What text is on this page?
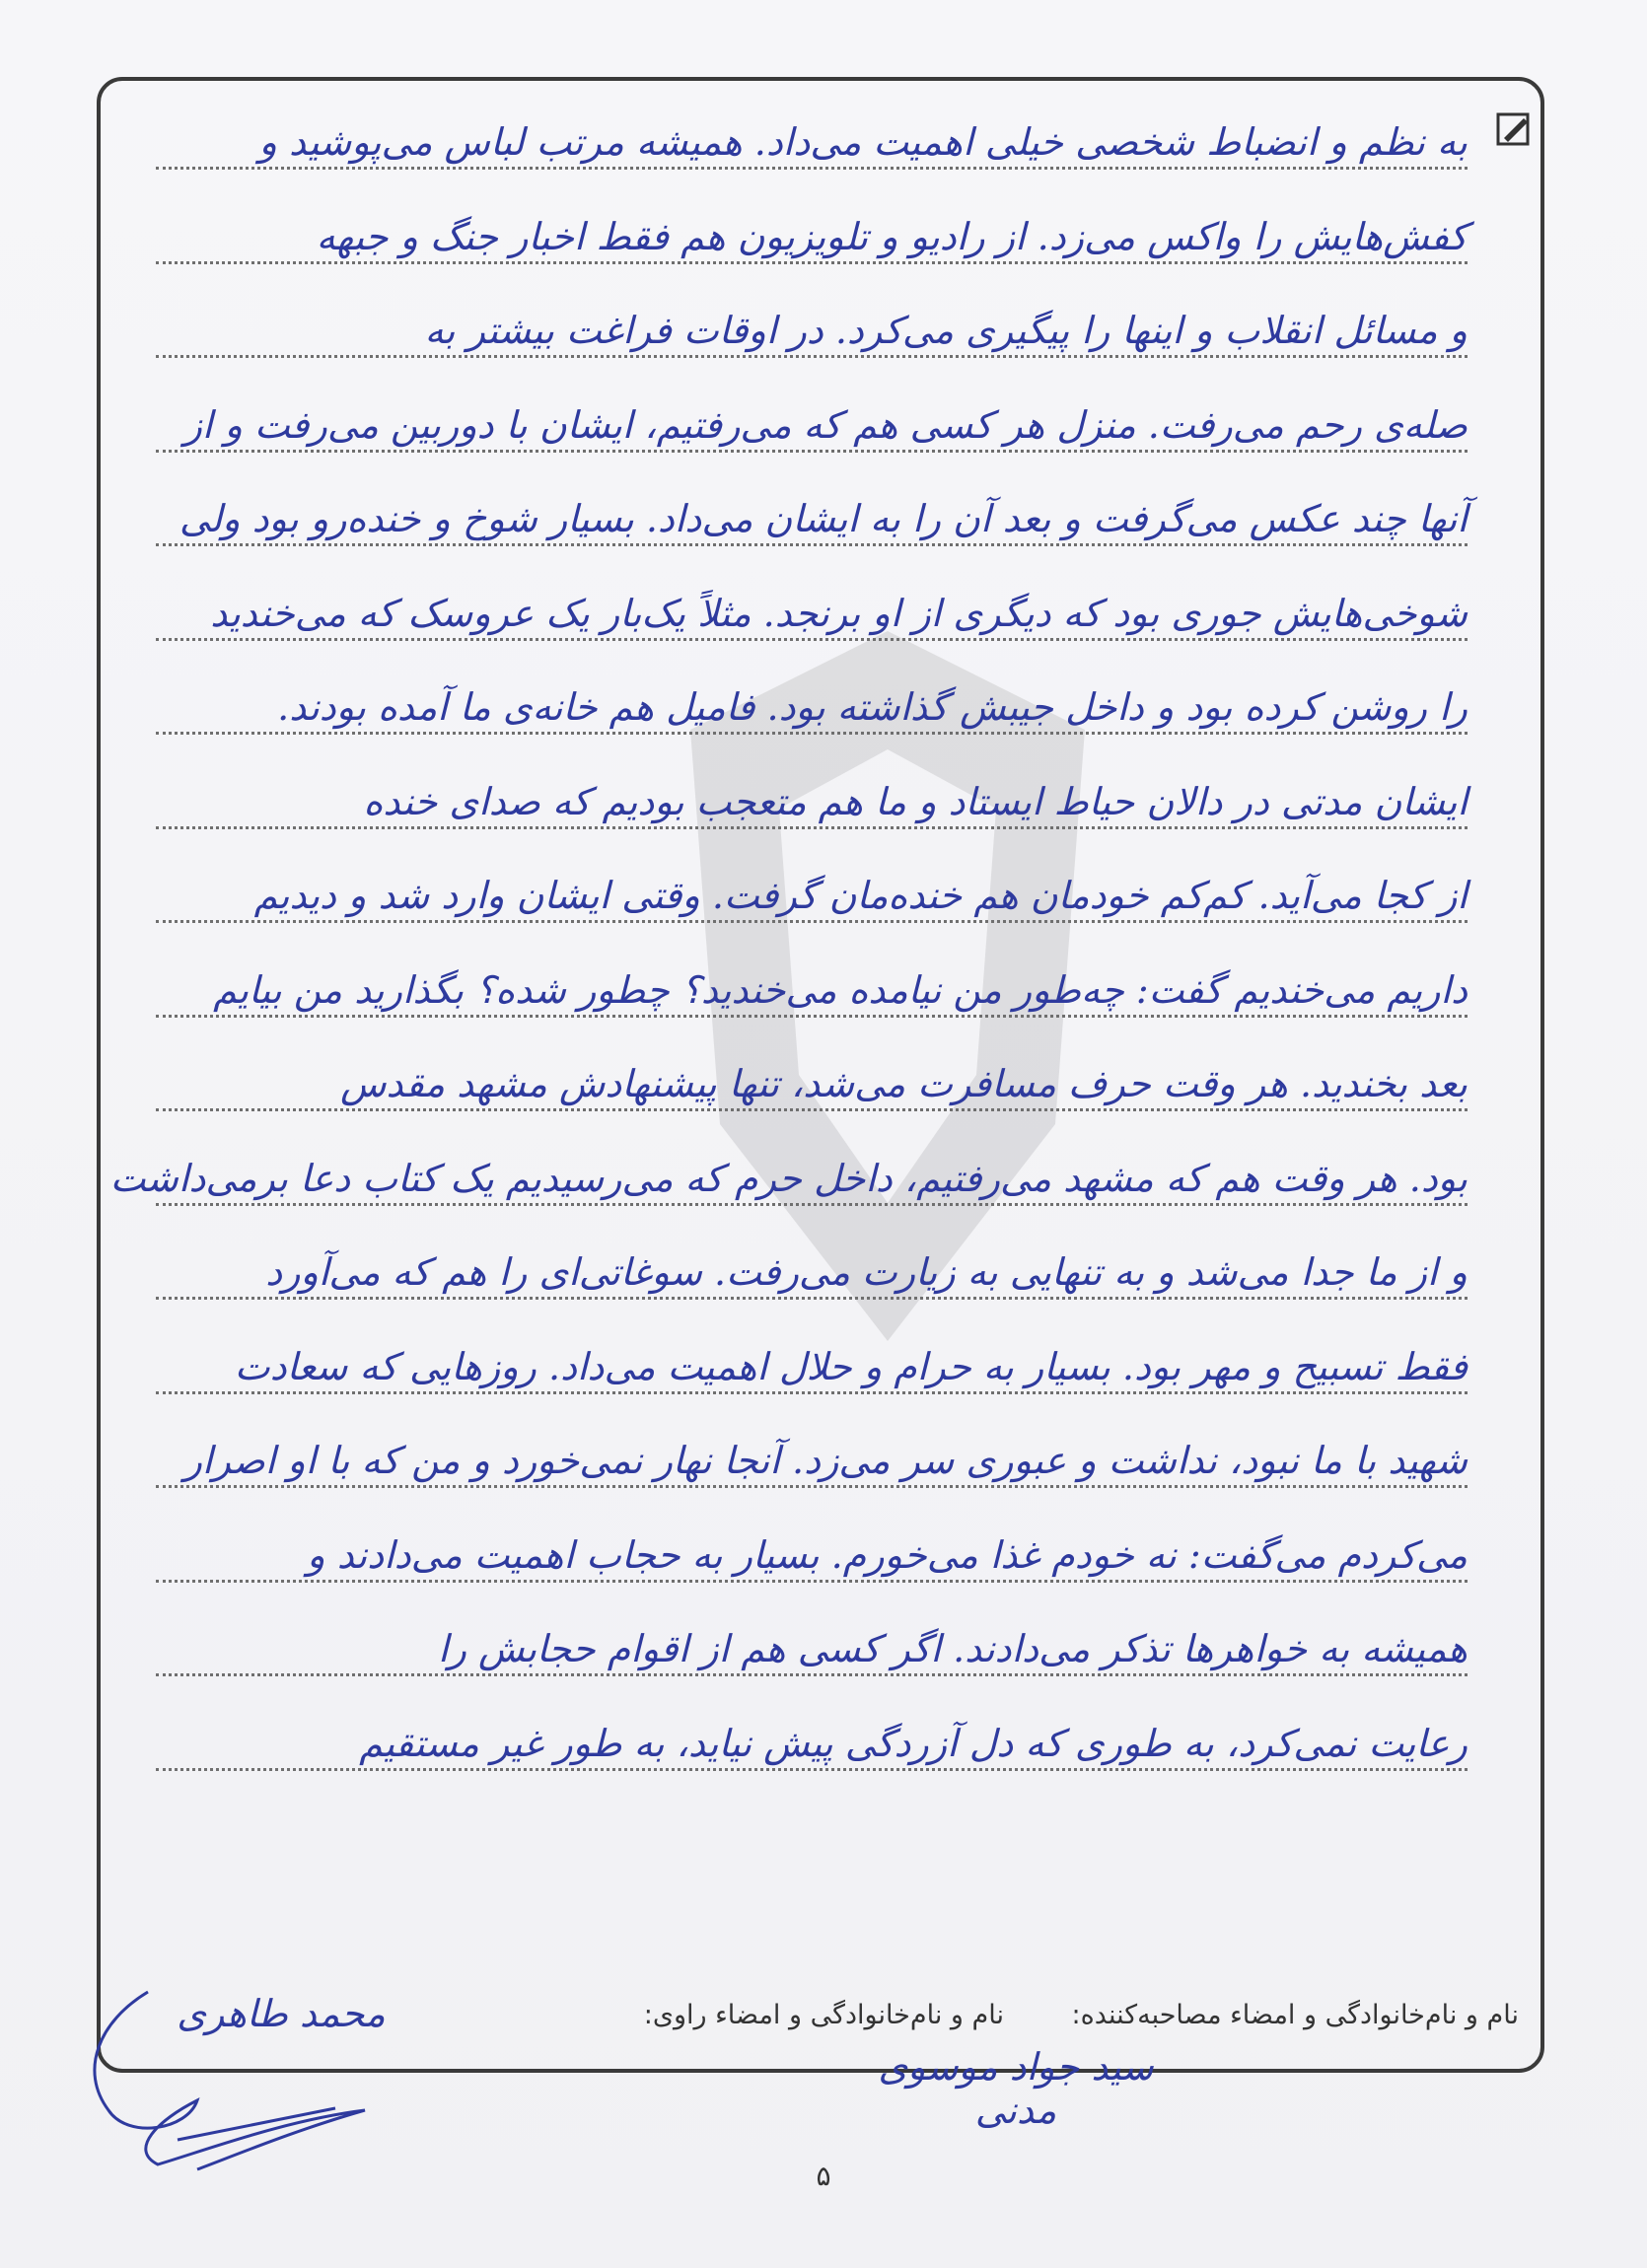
به نظم و انضباط شخصی خیلی اهمیت می‌داد. همیشه مرتب لباس می‌پوشید و
کفش‌هایش را واکس می‌زد. از رادیو و تلویزیون هم فقط اخبار جنگ و جبهه
و مسائل انقلاب و اینها را پیگیری می‌کرد. در اوقات فراغت بیشتر به
صله‌ی رحم می‌رفت. منزل هر کسی هم که می‌رفتیم، ایشان با دوربین می‌رفت و از
آنها چند عکس می‌گرفت و بعد آن را به ایشان می‌داد. بسیار شوخ و خنده‌رو بود ولی
شوخی‌هایش جوری بود که دیگری از او برنجد. مثلاً یک‌بار یک عروسک که می‌خندید
را روشن کرده بود و داخل جیبش گذاشته بود. فامیل هم خانه‌ی ما آمده بودند.
ایشان مدتی در دالان حیاط ایستاد و ما هم متعجب بودیم که صدای خنده
از کجا می‌آید. کم‌کم خودمان هم خنده‌مان گرفت. وقتی ایشان وارد شد و دیدیم
داریم می‌خندیم گفت: چه‌طور من نیامده می‌خندید؟ چطور شده؟ بگذارید من بیایم
بعد بخندید. هر وقت حرف مسافرت می‌شد، تنها پیشنهادش مشهد مقدس
بود. هر وقت هم که مشهد می‌رفتیم، داخل حرم که می‌رسیدیم یک کتاب دعا برمی‌داشت
و از ما جدا می‌شد و به تنهایی به زیارت می‌رفت. سوغاتی‌ای را هم که می‌آورد
فقط تسبیح و مهر بود. بسیار به حرام و حلال اهمیت می‌داد. روزهایی که سعادت
شهید با ما نبود، نداشت و عبوری سر می‌زد. آنجا نهار نمی‌خورد و من که با او اصرار
می‌کردم می‌گفت: نه خودم غذا می‌خورم. بسیار به حجاب اهمیت می‌دادند و
همیشه به خواهرها تذکر می‌دادند. اگر کسی هم از اقوام حجابش را
رعایت نمی‌کرد، به طوری که دل آزردگی پیش نیاید، به طور غیر مستقیم
نام و نام‌خانوادگی و امضاء مصاحبه‌کننده:
نام و نام‌خانوادگی و امضاء راوی:
محمد طاهری
سید جواد موسوی مدنی
۵
